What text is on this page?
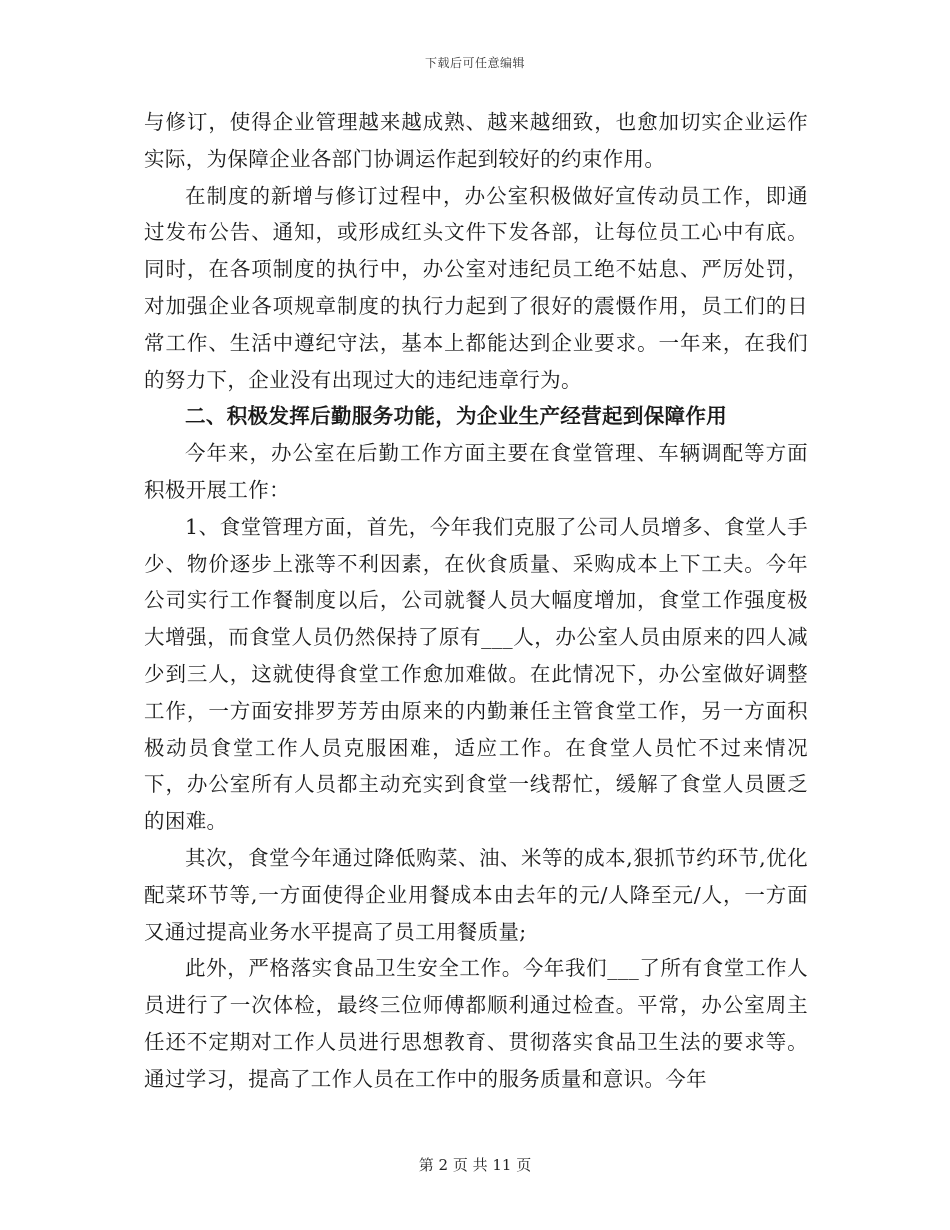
下载后可任意编辑

与修订，使得企业管理越来越成熟、越来越细致，也愈加切实企业运作实际，为保障企业各部门协调运作起到较好的约束作用。

在制度的新增与修订过程中，办公室积极做好宣传动员工作，即通过发布公告、通知，或形成红头文件下发各部，让每位员工心中有底。同时，在各项制度的执行中，办公室对违纪员工绝不姑息、严厉处罚，对加强企业各项规章制度的执行力起到了很好的震慑作用，员工们的日常工作、生活中遵纪守法，基本上都能达到企业要求。一年来，在我们的努力下，企业没有出现过大的违纪违章行为。

二、积极发挥后勤服务功能，为企业生产经营起到保障作用

今年来，办公室在后勤工作方面主要在食堂管理、车辆调配等方面积极开展工作：

1、食堂管理方面，首先，今年我们克服了公司人员增多、食堂人手少、物价逐步上涨等不利因素，在伙食质量、采购成本上下工夫。今年公司实行工作餐制度以后，公司就餐人员大幅度增加，食堂工作强度极大增强，而食堂人员仍然保持了原有___人，办公室人员由原来的四人减少到三人，这就使得食堂工作愈加难做。在此情况下，办公室做好调整工作，一方面安排罗芳芳由原来的内勤兼任主管食堂工作，另一方面积极动员食堂工作人员克服困难，适应工作。在食堂人员忙不过来情况下，办公室所有人员都主动充实到食堂一线帮忙，缓解了食堂人员匮乏的困难。

其次，食堂今年通过降低购菜、油、米等的成本,狠抓节约环节,优化配菜环节等,一方面使得企业用餐成本由去年的元/人降至元/人，一方面又通过提高业务水平提高了员工用餐质量;

此外，严格落实食品卫生安全工作。今年我们___了所有食堂工作人员进行了一次体检，最终三位师傅都顺利通过检查。平常，办公室周主任还不定期对工作人员进行思想教育、贯彻落实食品卫生法的要求等。通过学习，提高了工作人员在工作中的服务质量和意识。今年

第 2 页 共 11 页
